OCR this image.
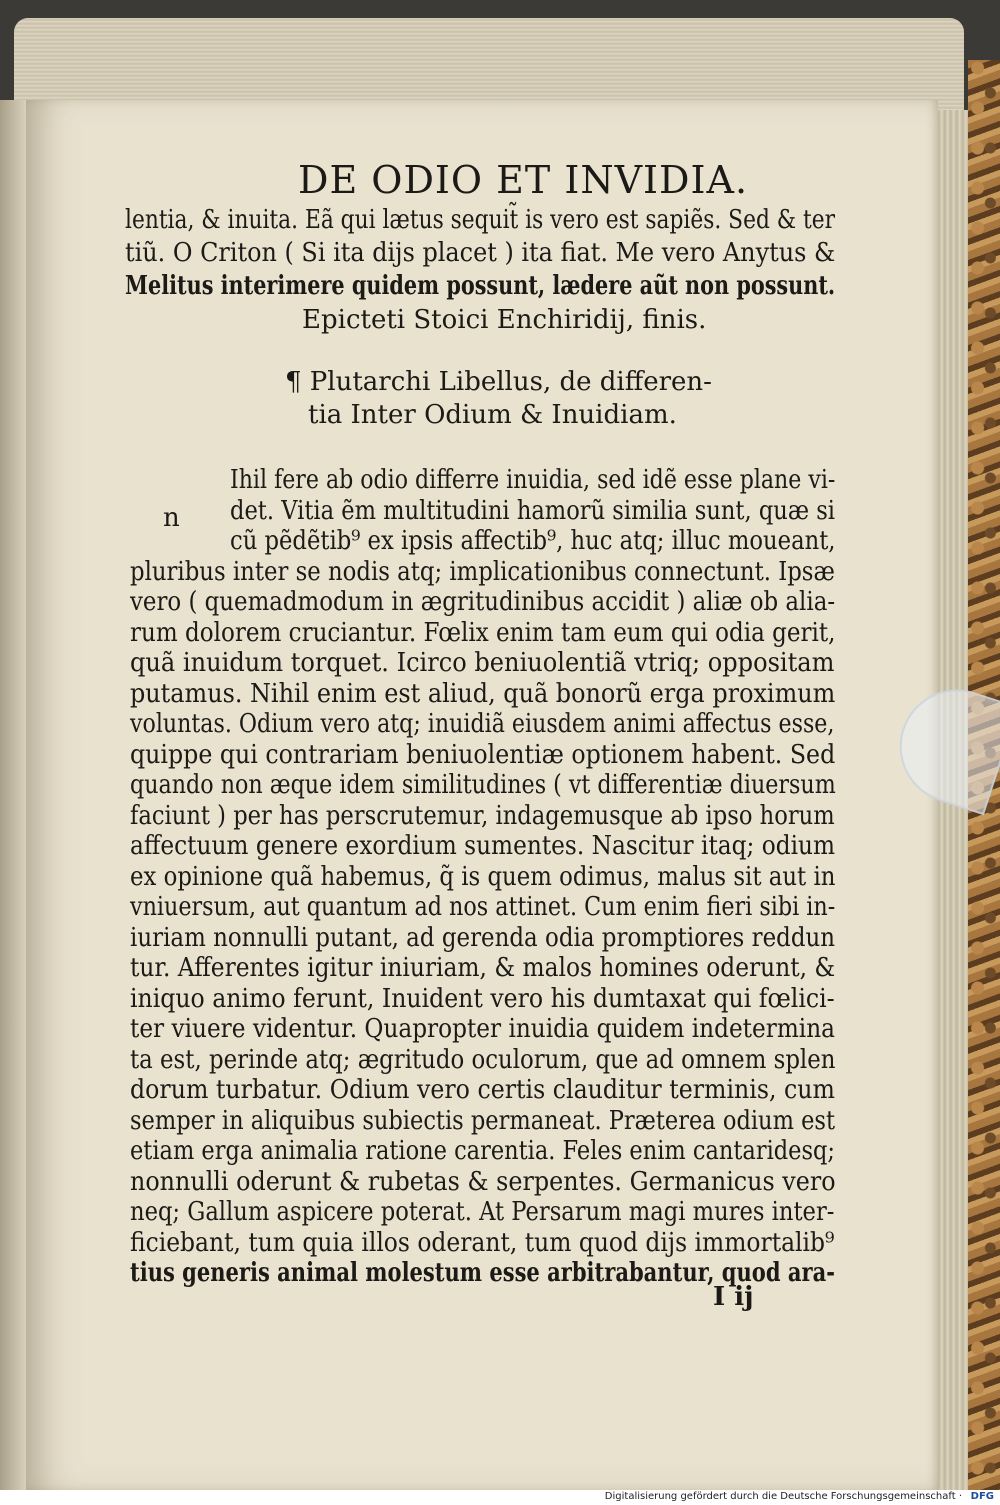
DE ODIO ET INVIDIA.
Epicteti Stoici Enchiridij, finis.
¶ Plutarchi Libellus, de differen-
tia Inter Odium & Inuidiam.
n
I ij
lentia, & inuita. Eã qui lætus sequit̃ is vero est sapiẽs. Sed & ter
tiũ. O Criton ( Si ita dijs placet ) ita fiat. Me vero Anytus &
Melitus interimere quidem possunt, lædere aũt non possunt.
Ihil fere ab odio differre inuidia, sed idẽ esse plane vi-
det. Vitia ẽm multitudini hamorũ similia sunt, quæ si
cũ pẽdẽtib⁹ ex ipsis affectib⁹, huc atq; illuc moueant,
pluribus inter se nodis atq; implicationibus connectunt. Ipsæ
vero ( quemadmodum in ægritudinibus accidit ) aliæ ob alia-
rum dolorem cruciantur. Fœlix enim tam eum qui odia gerit,
quã inuidum torquet. Icirco beniuolentiã vtriq; oppositam
putamus. Nihil enim est aliud, quã bonorũ erga proximum
voluntas. Odium vero atq; inuidiã eiusdem animi affectus esse,
quippe qui contrariam beniuolentiæ optionem habent. Sed
quando non æque idem similitudines ( vt differentiæ diuersum
faciunt ) per has perscrutemur, indagemusque ab ipso horum
affectuum genere exordium sumentes. Nascitur itaq; odium
ex opinione quã habemus, q̃ is quem odimus, malus sit aut in
vniuersum, aut quantum ad nos attinet. Cum enim fieri sibi in-
iuriam nonnulli putant, ad gerenda odia promptiores reddun
tur. Afferentes igitur iniuriam, & malos homines oderunt, &
iniquo animo ferunt, Inuident vero his dumtaxat qui fœlici-
ter viuere videntur. Quapropter inuidia quidem indetermina
ta est, perinde atq; ægritudo oculorum, que ad omnem splen
dorum turbatur. Odium vero certis clauditur terminis, cum
semper in aliquibus subiectis permaneat. Præterea odium est
etiam erga animalia ratione carentia. Feles enim cantaridesq;
nonnulli oderunt & rubetas & serpentes. Germanicus vero
neq; Gallum aspicere poterat. At Persarum magi mures inter-
ficiebant, tum quia illos oderant, tum quod dijs immortalib⁹
tius generis animal molestum esse arbitrabantur, quod ara-
Digitalisierung gefördert durch die Deutsche Forschungsgemeinschaft · DFG
